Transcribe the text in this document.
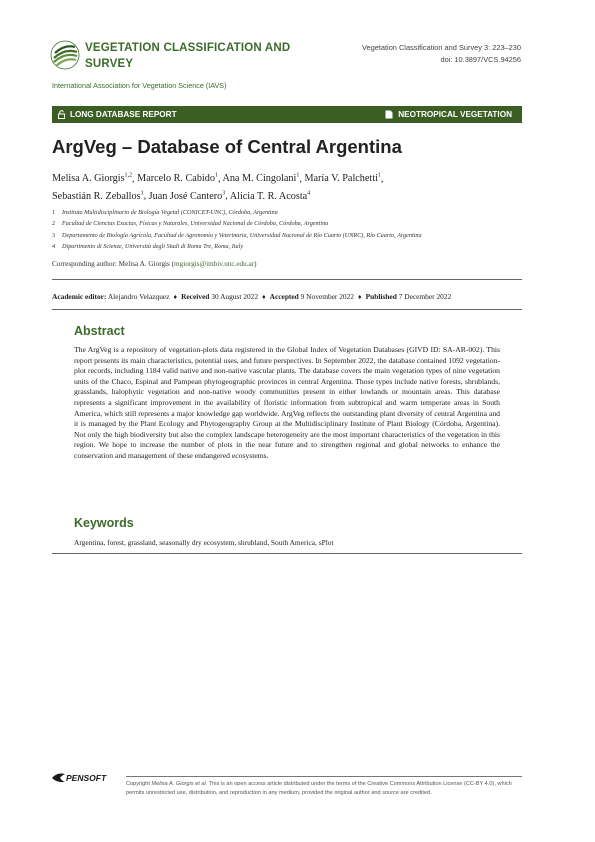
VEGETATION CLASSIFICATION AND SURVEY
International Association for Vegetation Science (IAVS)
Vegetation Classification and Survey 3: 223–230
doi: 10.3897/VCS.94256
LONG DATABASE REPORT	NEOTROPICAL VEGETATION
ArgVeg – Database of Central Argentina
Melisa A. Giorgis$^{1,2}$, Marcelo R. Cabido$^1$, Ana M. Cingolani$^1$, María V. Palchetti$^1$,
Sebastián R. Zeballos$^1$, Juan José Cantero$^3$, Alicia T. R. Acosta$^4$
1 Instituto Multidisciplinario de Biología Vegetal (CONICET-UNC), Córdoba, Argentina
2 Facultad de Ciencias Exactas, Físicas y Naturales, Universidad Nacional de Córdoba, Córdoba, Argentina
3 Departamento de Biología Agrícola, Facultad de Agronomía y Veterinaria, Universidad Nacional de Río Cuarto (UNRC), Río Cuarto, Argentina
4 Dipartimento di Scienze, Università degli Studi di Roma Tre, Roma, Italy
Corresponding author: Melisa A. Giorgis (mgiorgis@imbiv.unc.edu.ar)
Academic editor: Alejandro Velazquez ♦ Received 30 August 2022 ♦ Accepted 9 November 2022 ♦ Published 7 December 2022
Abstract
The ArgVeg is a repository of vegetation-plots data registered in the Global Index of Vegetation Databases (GIVD ID: SA-AR-002). This report presents its main characteristics, potential uses, and future perspectives. In September 2022, the database contained 1092 vegetation-plot records, including 1184 valid native and non-native vascular plants. The database covers the main vegetation types of nine vegetation units of the Chaco, Espinal and Pampean phytogeographic provinces in central Argentina. Those types include native forests, shrublands, grasslands, halophytic vegetation and non-native woody communities present in either lowlands or mountain areas. This database represents a significant improvement in the availability of floristic information from subtropical and warm temperate areas in South America, which still represents a major knowledge gap worldwide. ArgVeg reflects the outstanding plant diversity of central Argentina and it is managed by the Plant Ecology and Phytogeography Group at the Multidisciplinary Institute of Plant Biology (Córdoba, Argentina). Not only the high biodiversity but also the complex landscape heterogeneity are the most important characteristics of the vegetation in this region. We hope to increase the number of plots in the near future and to strengthen regional and global networks to enhance the conservation and management of these endangered ecosystems.
Keywords
Argentina, forest, grassland, seasonally dry ecosystem, shrubland, South America, sPlot
PENSOFT
Copyright Melisa A. Giorgis et al. This is an open access article distributed under the terms of the Creative Commons Attribution License (CC-BY 4.0), which permits unrestricted use, distribution, and reproduction in any medium, provided the original author and source are credited.
